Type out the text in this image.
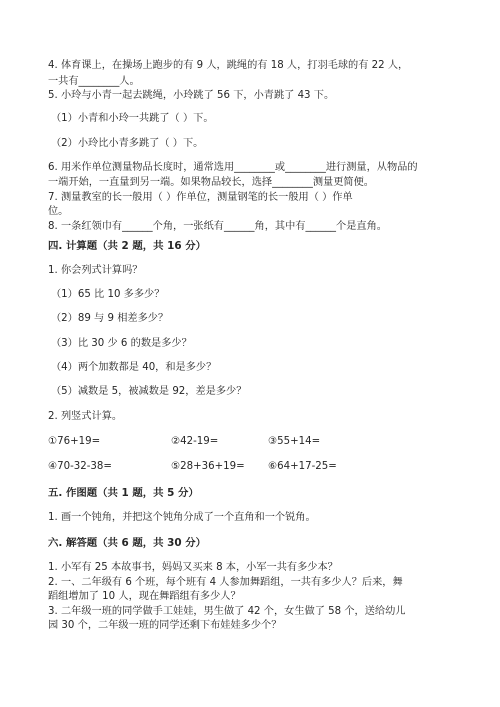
4. 体育课上，在操场上跑步的有 9 人，跳绳的有 18 人，打羽毛球的有 22 人，
一共有________人。
5. 小玲与小青一起去跳绳，小玲跳了 56 下，小青跳了 43 下。
（1）小青和小玲一共跳了（ ）下。
（2）小玲比小青多跳了（ ）下。
6. 用米作单位测量物品长度时，通常选用________或________进行测量，从物品的
一端开始，一直量到另一端。如果物品较长，选择________测量更简便。
7. 测量教室的长一般用（ ）作单位，测量钢笔的长一般用（ ）作单
位。
8. 一条红领巾有______个角，一张纸有______角，其中有______个是直角。
四. 计算题（共 2 题，共 16 分）
1. 你会列式计算吗？
（1）65 比 10 多多少？
（2）89 与 9 相差多少？
（3）比 30 少 6 的数是多少？
（4）两个加数都是 40，和是多少？
（5）减数是 5，被减数是 92，差是多少？
2. 列竖式计算。
①76+19=	②42-19=	③55+14=
④70-32-38=	⑤28+36+19= ⑥64+17-25=
五. 作图题（共 1 题，共 5 分）
1. 画一个钝角，并把这个钝角分成了一个直角和一个锐角。
六. 解答题（共 6 题，共 30 分）
1. 小军有 25 本故事书，妈妈又买来 8 本，小军一共有多少本？
2. 一、二年级有 6 个班，每个班有 4 人参加舞蹈组，一共有多少人？后来，舞
蹈组增加了 10 人，现在舞蹈组有多少人？
3. 二年级一班的同学做手工娃娃，男生做了 42 个，女生做了 58 个，送给幼儿
园 30 个，二年级一班的同学还剩下布娃娃多少个？
